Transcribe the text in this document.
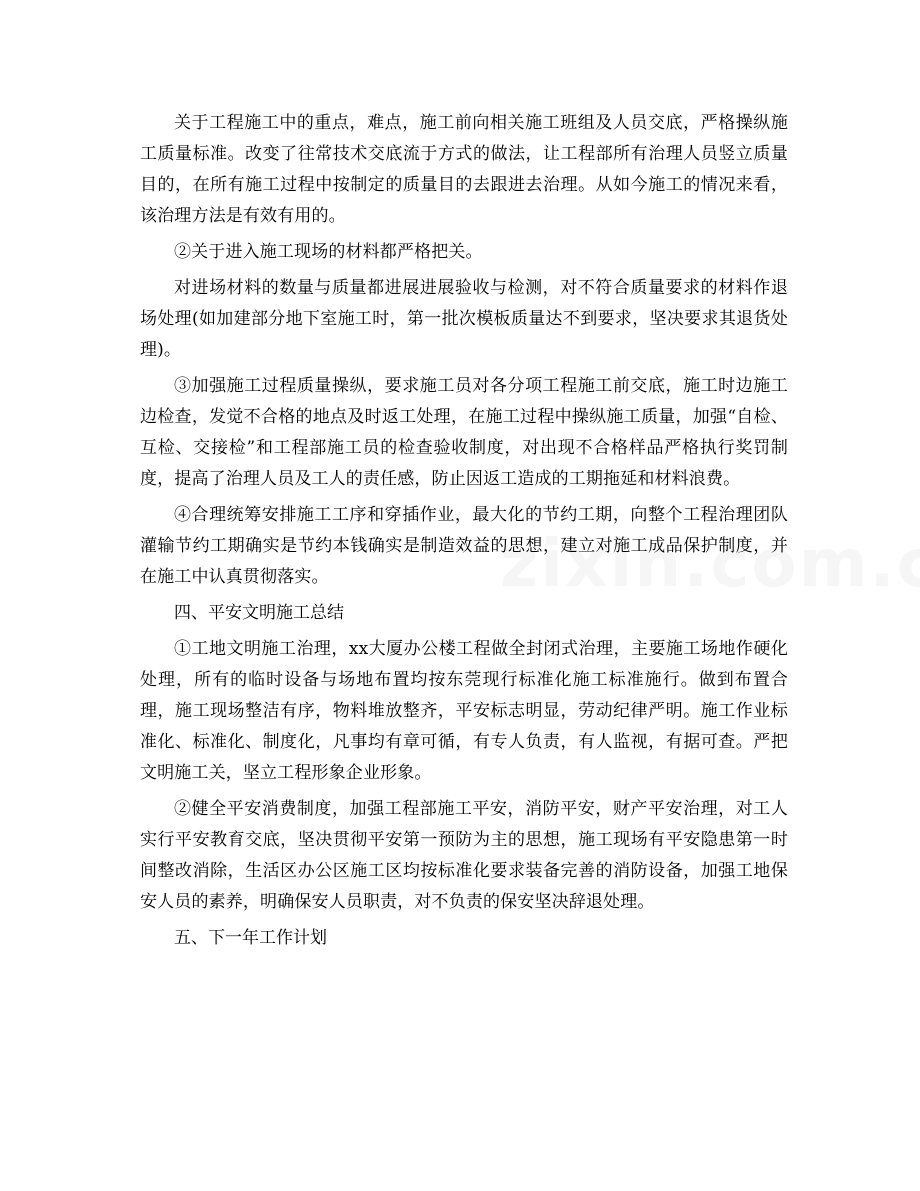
关于工程施工中的重点，难点，施工前向相关施工班组及人员交底，严格操纵施工质量标准。改变了往常技术交底流于方式的做法，让工程部所有治理人员竖立质量目的，在所有施工过程中按制定的质量目的去跟进去治理。从如今施工的情况来看，该治理方法是有效有用的。

②关于进入施工现场的材料都严格把关。

对进场材料的数量与质量都进展进展验收与检测，对不符合质量要求的材料作退场处理(如加建部分地下室施工时，第一批次模板质量达不到要求，坚决要求其退货处理)。

③加强施工过程质量操纵，要求施工员对各分项工程施工前交底，施工时边施工边检查，发觉不合格的地点及时返工处理，在施工过程中操纵施工质量，加强“自检、互检、交接检”和工程部施工员的检查验收制度，对出现不合格样品严格执行奖罚制度，提高了治理人员及工人的责任感，防止因返工造成的工期拖延和材料浪费。

④合理统筹安排施工工序和穿插作业，最大化的节约工期，向整个工程治理团队灌输节约工期确实是节约本钱确实是制造效益的思想，建立对施工成品保护制度，并在施工中认真贯彻落实。

四、平安文明施工总结

①工地文明施工治理，xx大厦办公楼工程做全封闭式治理，主要施工场地作硬化处理，所有的临时设备与场地布置均按东莞现行标准化施工标准施行。做到布置合理，施工现场整洁有序，物料堆放整齐，平安标志明显，劳动纪律严明。施工作业标准化、标准化、制度化，凡事均有章可循，有专人负责，有人监视，有据可查。严把文明施工关，坚立工程形象企业形象。

②健全平安消费制度，加强工程部施工平安，消防平安，财产平安治理，对工人实行平安教育交底，坚决贯彻平安第一预防为主的思想，施工现场有平安隐患第一时间整改消除，生活区办公区施工区均按标准化要求装备完善的消防设备，加强工地保安人员的素养，明确保安人员职责，对不负责的保安坚决辞退处理。

五、下一年工作计划
